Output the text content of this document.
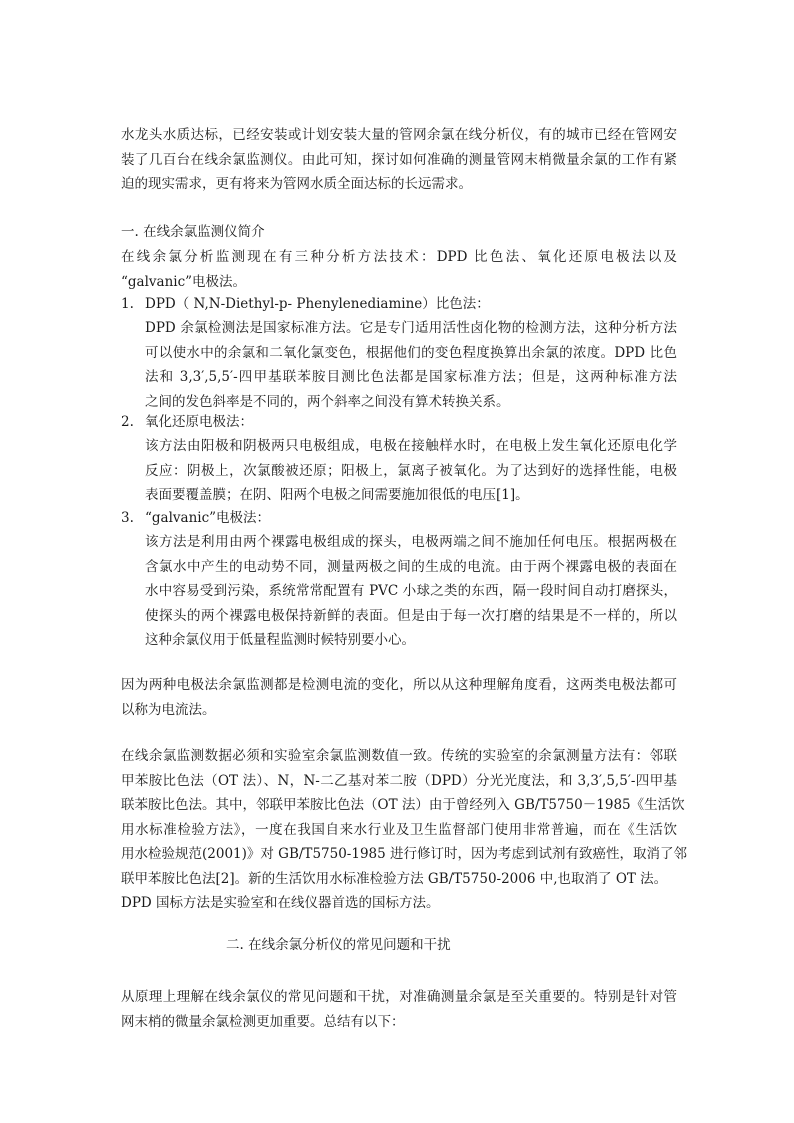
水龙头水质达标，已经安装或计划安装大量的管网余氯在线分析仪，有的城市已经在管网安
装了几百台在线余氯监测仪。由此可知，探讨如何准确的测量管网末梢微量余氯的工作有紧
迫的现实需求，更有将来为管网水质全面达标的长远需求。
一. 在线余氯监测仪简介
在线余氯分析监测现在有三种分析方法技术：DPD 比色法、氧化还原电极法以及
“galvanic”电极法。
1. DPD（ N,N-Diethyl-p- Phenylenediamine）比色法：
DPD 余氯检测法是国家标准方法。它是专门适用活性卤化物的检测方法，这种分析方法
可以使水中的余氯和二氧化氯变色，根据他们的变色程度换算出余氯的浓度。DPD 比色
法和 3,3′,5,5′-四甲基联苯胺目测比色法都是国家标准方法；但是，这两种标准方法
之间的发色斜率是不同的，两个斜率之间没有算术转换关系。
2. 氧化还原电极法：
该方法由阳极和阴极两只电极组成，电极在接触样水时，在电极上发生氧化还原电化学
反应：阴极上，次氯酸被还原；阳极上，氯离子被氧化。为了达到好的选择性能，电极
表面要覆盖膜；在阴、阳两个电极之间需要施加很低的电压[1]。
3. “galvanic”电极法：
该方法是利用由两个裸露电极组成的探头，电极两端之间不施加任何电压。根据两极在
含氯水中产生的电动势不同，测量两极之间的生成的电流。由于两个裸露电极的表面在
水中容易受到污染，系统常常配置有 PVC 小球之类的东西，隔一段时间自动打磨探头，
使探头的两个裸露电极保持新鲜的表面。但是由于每一次打磨的结果是不一样的，所以
这种余氯仪用于低量程监测时候特别要小心。
因为两种电极法余氯监测都是检测电流的变化，所以从这种理解角度看，这两类电极法都可
以称为电流法。
在线余氯监测数据必须和实验室余氯监测数值一致。传统的实验室的余氯测量方法有：邻联
甲苯胺比色法（OT 法）、N，N-二乙基对苯二胺（DPD）分光光度法，和 3,3′,5,5′-四甲基
联苯胺比色法。其中，邻联甲苯胺比色法（OT 法）由于曾经列入 GB/T5750－1985《生活饮
用水标准检验方法》，一度在我国自来水行业及卫生监督部门使用非常普遍，而在《生活饮
用水检验规范(2001)》对 GB/T5750-1985 进行修订时，因为考虑到试剂有致癌性，取消了邻
联甲苯胺比色法[2]。新的生活饮用水标准检验方法 GB/T5750-2006 中,也取消了 OT 法。
DPD 国标方法是实验室和在线仪器首选的国标方法。
二. 在线余氯分析仪的常见问题和干扰
从原理上理解在线余氯仪的常见问题和干扰，对准确测量余氯是至关重要的。特别是针对管
网末梢的微量余氯检测更加重要。总结有以下：
